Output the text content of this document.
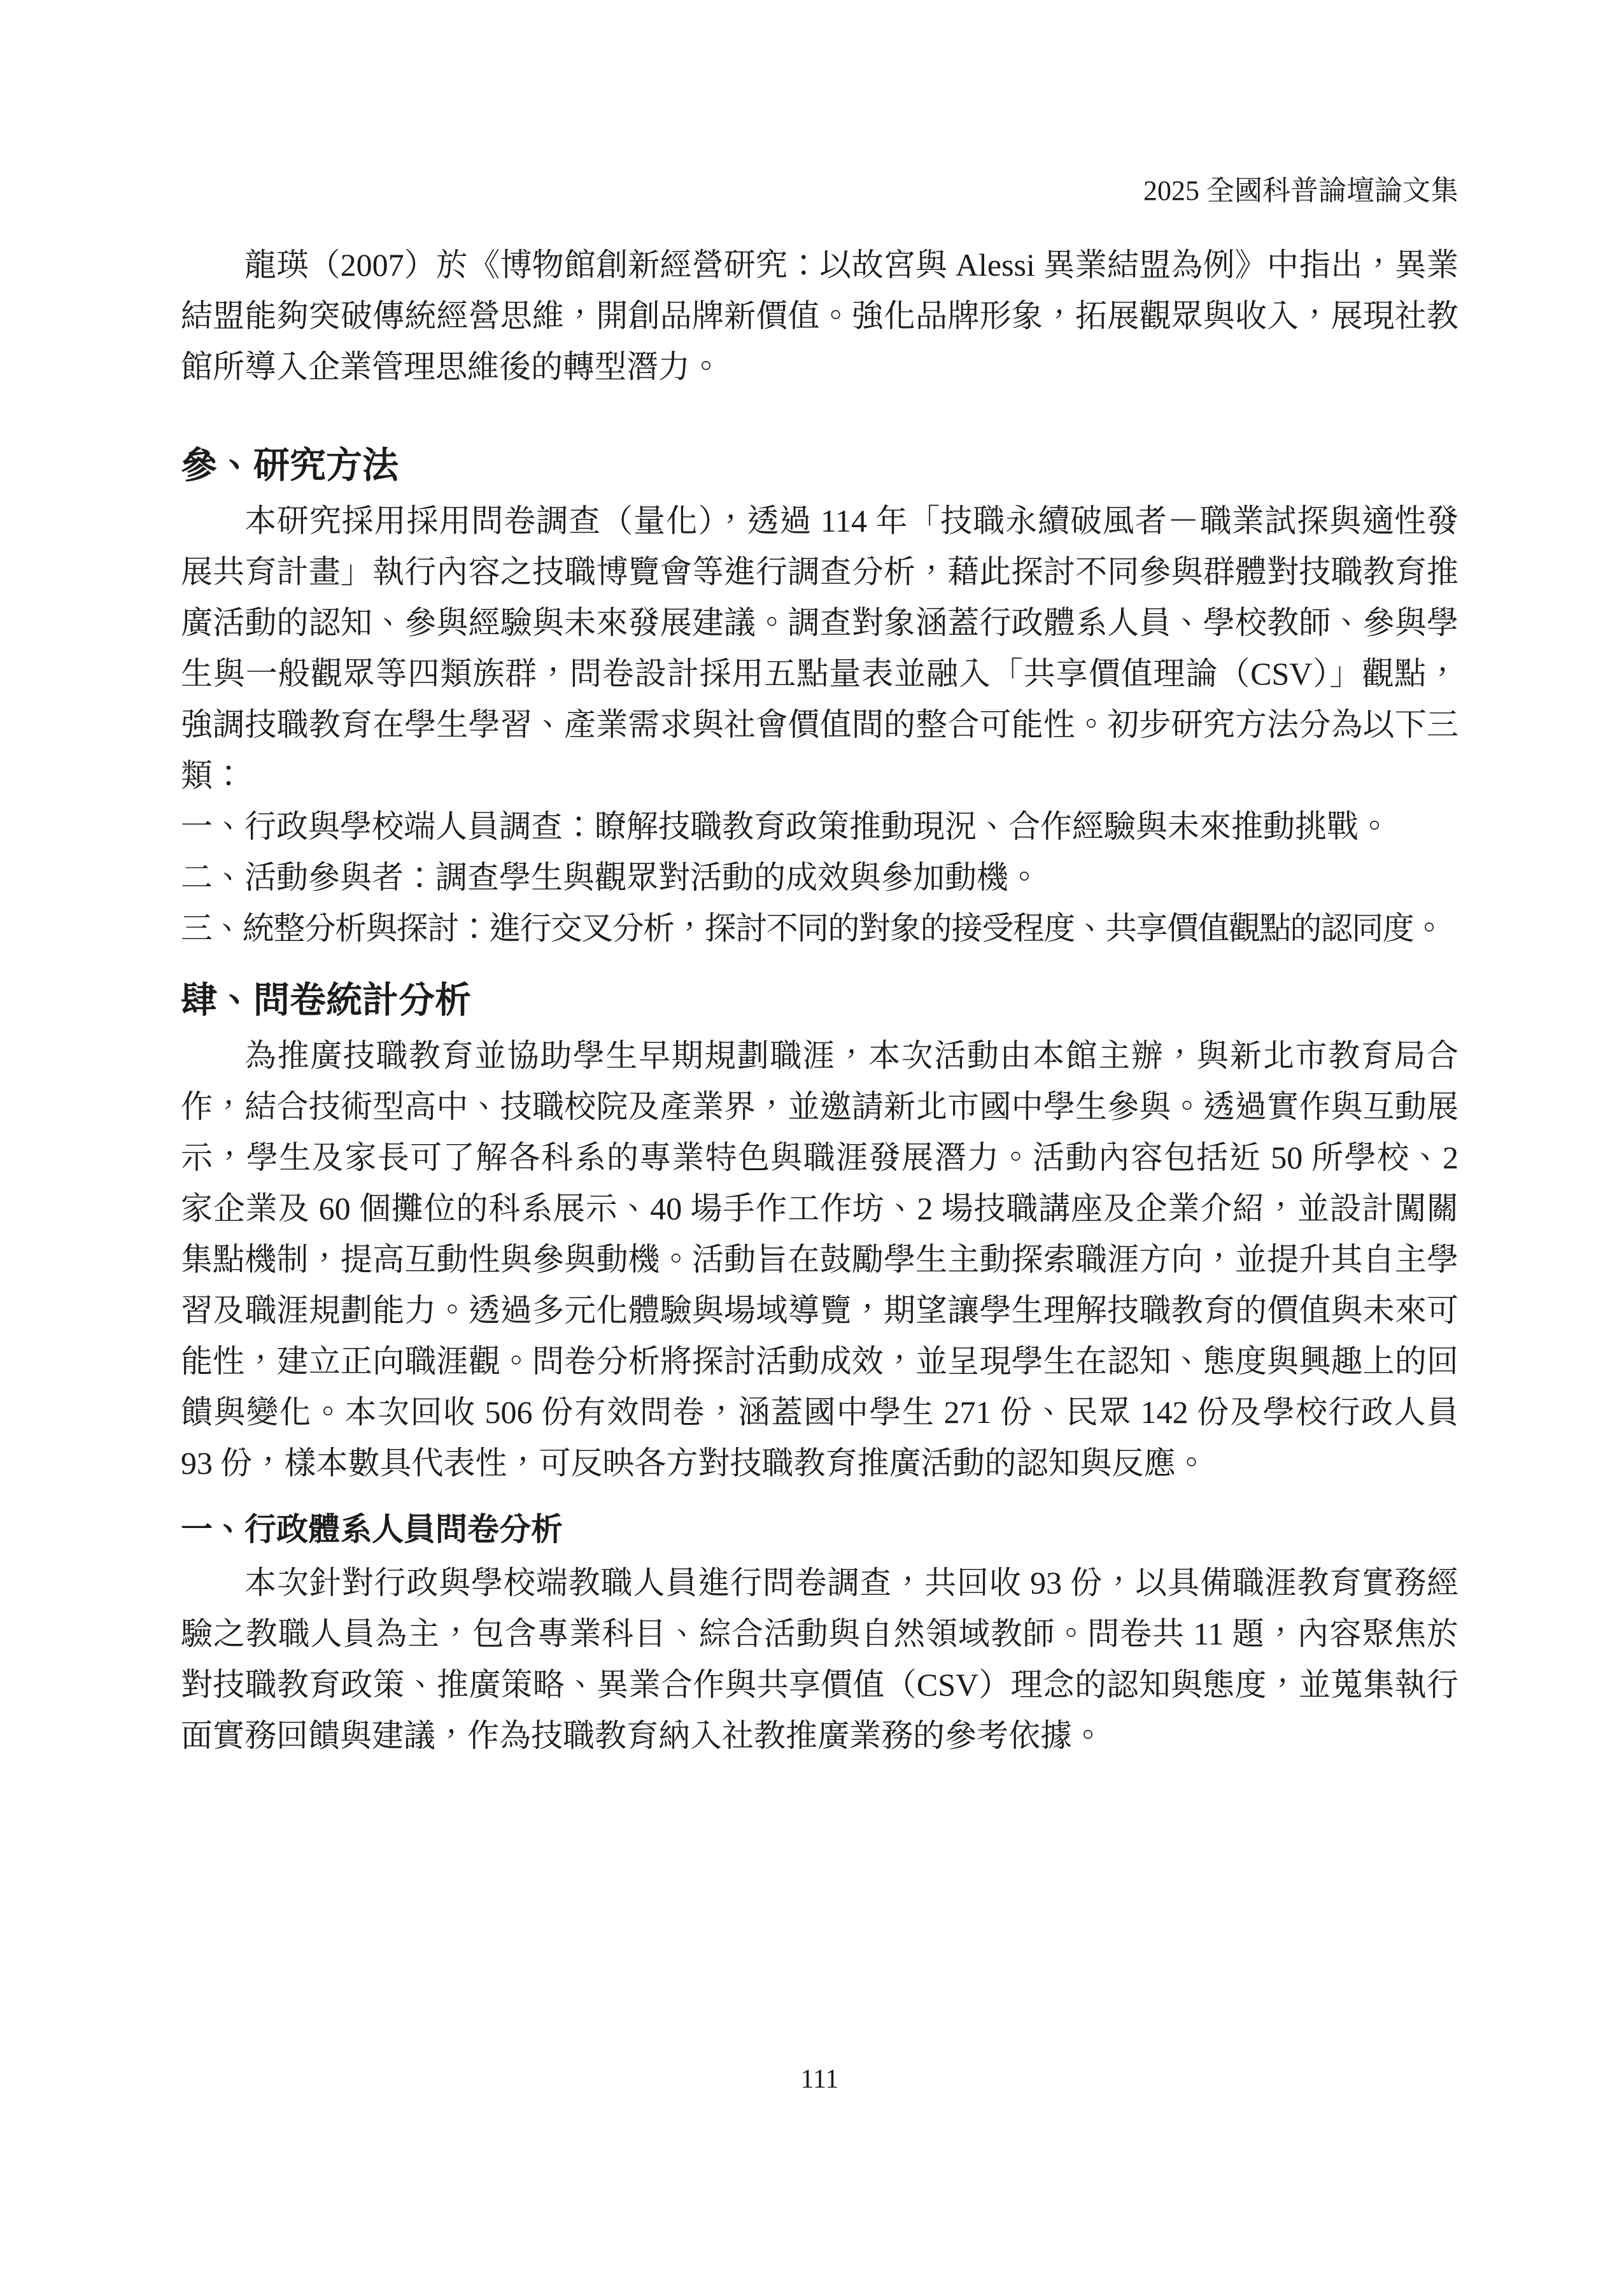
2025 全國科普論壇論文集
龍瑛（2007）於《博物館創新經營研究：以故宮與 Alessi 異業結盟為例》中指出，異業結盟能夠突破傳統經營思維，開創品牌新價值。強化品牌形象，拓展觀眾與收入，展現社教館所導入企業管理思維後的轉型潛力。
參、研究方法
本研究採用採用問卷調查（量化），透過 114 年「技職永續破風者－職業試探與適性發展共育計畫」執行內容之技職博覽會等進行調查分析，藉此探討不同參與群體對技職教育推廣活動的認知、參與經驗與未來發展建議。調查對象涵蓋行政體系人員、學校教師、參與學生與一般觀眾等四類族群，問卷設計採用五點量表並融入「共享價值理論（CSV）」觀點，強調技職教育在學生學習、產業需求與社會價值間的整合可能性。初步研究方法分為以下三類：
一、行政與學校端人員調查：瞭解技職教育政策推動現況、合作經驗與未來推動挑戰。
二、活動參與者：調查學生與觀眾對活動的成效與參加動機。
三、統整分析與探討：進行交叉分析，探討不同的對象的接受程度、共享價值觀點的認同度。
肆、問卷統計分析
為推廣技職教育並協助學生早期規劃職涯，本次活動由本館主辦，與新北市教育局合作，結合技術型高中、技職校院及產業界，並邀請新北市國中學生參與。透過實作與互動展示，學生及家長可了解各科系的專業特色與職涯發展潛力。活動內容包括近 50 所學校、2 家企業及 60 個攤位的科系展示、40 場手作工作坊、2 場技職講座及企業介紹，並設計闖關集點機制，提高互動性與參與動機。活動旨在鼓勵學生主動探索職涯方向，並提升其自主學習及職涯規劃能力。透過多元化體驗與場域導覽，期望讓學生理解技職教育的價值與未來可能性，建立正向職涯觀。問卷分析將探討活動成效，並呈現學生在認知、態度與興趣上的回饋與變化。本次回收 506 份有效問卷，涵蓋國中學生 271 份、民眾 142 份及學校行政人員 93 份，樣本數具代表性，可反映各方對技職教育推廣活動的認知與反應。
一、行政體系人員問卷分析
本次針對行政與學校端教職人員進行問卷調查，共回收 93 份，以具備職涯教育實務經驗之教職人員為主，包含專業科目、綜合活動與自然領域教師。問卷共 11 題，內容聚焦於對技職教育政策、推廣策略、異業合作與共享價值（CSV）理念的認知與態度，並蒐集執行面實務回饋與建議，作為技職教育納入社教推廣業務的參考依據。
111
